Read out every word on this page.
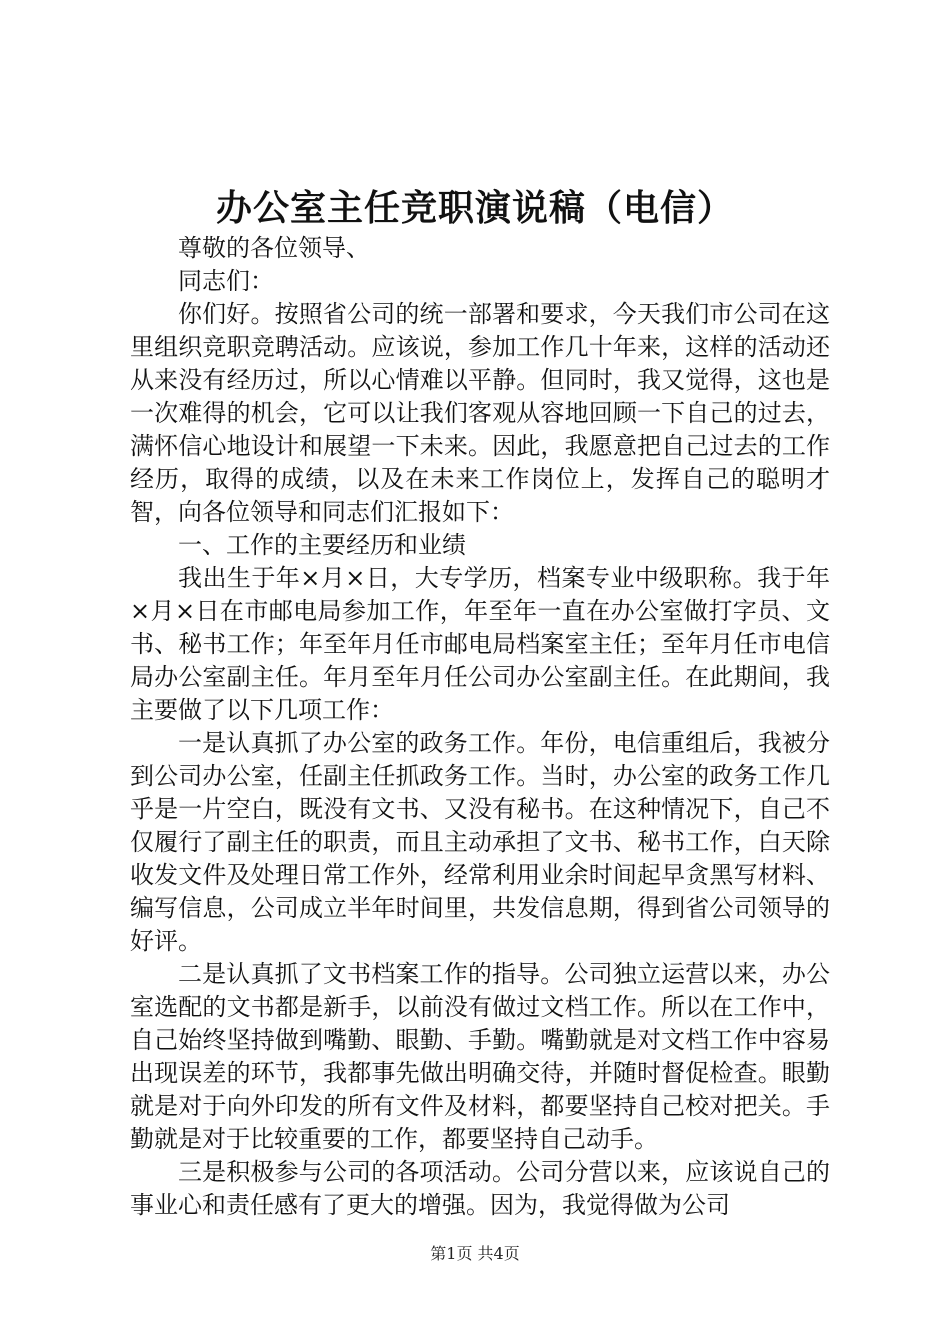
办公室主任竞职演说稿（电信）

尊敬的各位领导、

同志们：

你们好。按照省公司的统一部署和要求，今天我们市公司在这里组织竞职竞聘活动。应该说，参加工作几十年来，这样的活动还从来没有经历过，所以心情难以平静。但同时，我又觉得，这也是一次难得的机会，它可以让我们客观从容地回顾一下自己的过去，满怀信心地设计和展望一下未来。因此，我愿意把自己过去的工作经历，取得的成绩，以及在未来工作岗位上，发挥自己的聪明才智，向各位领导和同志们汇报如下：

一、工作的主要经历和业绩

我出生于年×月×日，大专学历，档案专业中级职称。我于年×月×日在市邮电局参加工作，年至年一直在办公室做打字员、文书、秘书工作；年至年月任市邮电局档案室主任；至年月任市电信局办公室副主任。年月至年月任公司办公室副主任。在此期间，我主要做了以下几项工作：

一是认真抓了办公室的政务工作。年份，电信重组后，我被分到公司办公室，任副主任抓政务工作。当时，办公室的政务工作几乎是一片空白，既没有文书、又没有秘书。在这种情况下，自己不仅履行了副主任的职责，而且主动承担了文书、秘书工作，白天除收发文件及处理日常工作外，经常利用业余时间起早贪黑写材料、编写信息，公司成立半年时间里，共发信息期，得到省公司领导的好评。

二是认真抓了文书档案工作的指导。公司独立运营以来，办公室选配的文书都是新手，以前没有做过文档工作。所以在工作中，自己始终坚持做到嘴勤、眼勤、手勤。嘴勤就是对文档工作中容易出现误差的环节，我都事先做出明确交待，并随时督促检查。眼勤就是对于向外印发的所有文件及材料，都要坚持自己校对把关。手勤就是对于比较重要的工作，都要坚持自己动手。

三是积极参与公司的各项活动。公司分营以来，应该说自己的事业心和责任感有了更大的增强。因为，我觉得做为公司

第1页 共4页
